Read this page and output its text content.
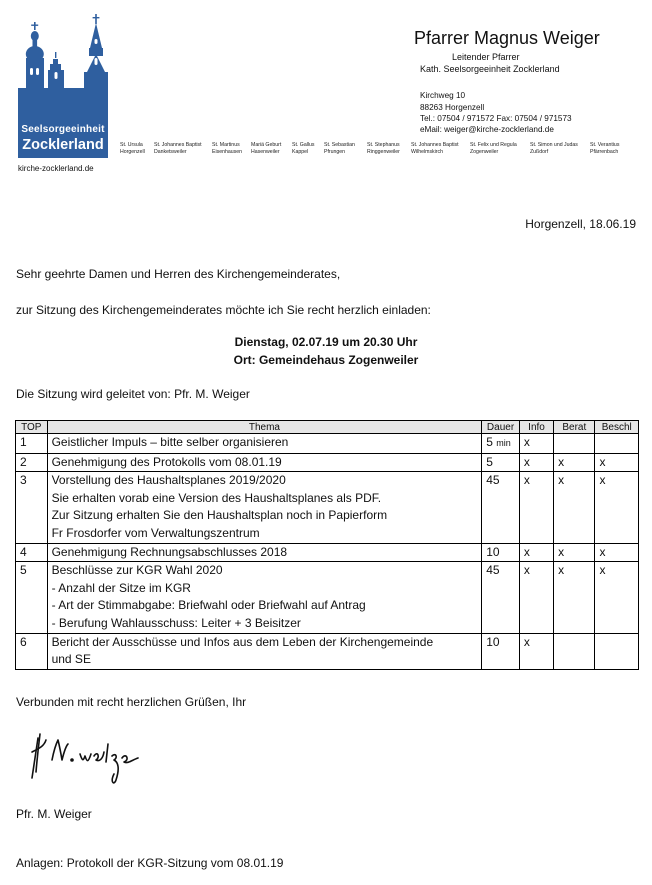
Seelsorgeeinheit
Zocklerland
kirche-zocklerland.de
St. Ursula
Horgenzell
St. Johannes Baptist
Danketsweiler
St. Martinus
Eisenhausen
Mariä Geburt
Hasenweiler
St. Gallus
Kappel
St. Sebastian
Pfrungen
St. Stephanus
Ringgenweiler
St. Johannes Baptist
Wilhelmskirch
St. Felix und Regula
Zogenweiler
St. Simon und Judas
Zußdorf
St. Verantius
Pfärrenbach
Pfarrer Magnus Weiger
Leitender Pfarrer
Kath. Seelsorgeeinheit Zocklerland
Kirchweg 10
88263 Horgenzell
Tel.: 07504 / 971572 Fax: 07504 / 971573
eMail: weiger@kirche-zocklerland.de
Horgenzell, 18.06.19
Sehr geehrte Damen und Herren des Kirchengemeinderates,
zur Sitzung des Kirchengemeinderates möchte ich Sie recht herzlich einladen:
Dienstag, 02.07.19 um 20.30 Uhr
Ort: Gemeindehaus Zogenweiler
Die Sitzung wird geleitet von: Pfr. M. Weiger
TOP	Thema	Dauer	Info	Berat	Beschl
1	Geistlicher Impuls – bitte selber organisieren	5 min	x		
2	Genehmigung des Protokolls vom 08.01.19	5	x	x	x
3	Vorstellung des Haushaltsplanes 2019/2020
Sie erhalten vorab eine Version des Haushaltsplanes als PDF.
Zur Sitzung erhalten Sie den Haushaltsplan noch in Papierform
Fr Frosdorfer vom Verwaltungszentrum	45	x	x	x
4	Genehmigung Rechnungsabschlusses 2018	10	x	x	x
5	Beschlüsse zur KGR Wahl 2020
- Anzahl der Sitze im KGR
- Art der Stimmabgabe: Briefwahl oder Briefwahl auf Antrag
- Berufung Wahlausschuss: Leiter + 3 Beisitzer	45	x	x	x
6	Bericht der Ausschüsse und Infos aus dem Leben der Kirchengemeinde
und SE	10	x		
Verbunden mit recht herzlichen Grüßen, Ihr
Pfr. M. Weiger
Anlagen: Protokoll der KGR-Sitzung vom 08.01.19
